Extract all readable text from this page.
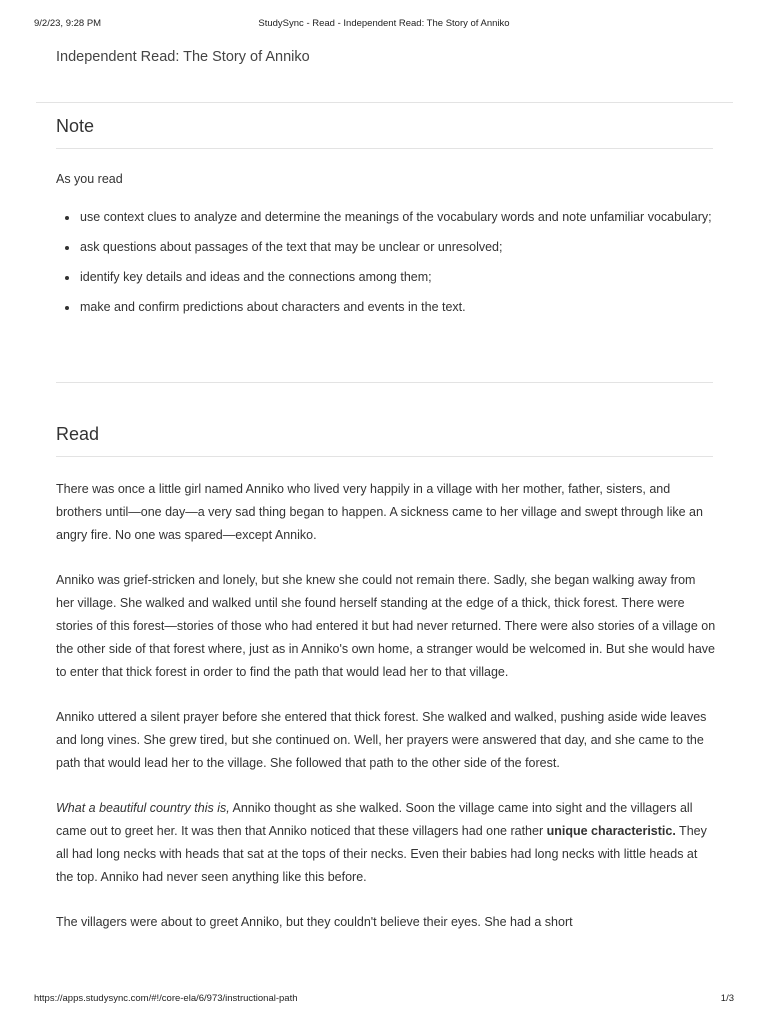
9/2/23, 9:28 PM	StudySync - Read - Independent Read: The Story of Anniko
Independent Read: The Story of Anniko
Note
As you read
use context clues to analyze and determine the meanings of the vocabulary words and note unfamiliar vocabulary;
ask questions about passages of the text that may be unclear or unresolved;
identify key details and ideas and the connections among them;
make and confirm predictions about characters and events in the text.
Read

There was once a little girl named Anniko who lived very happily in a village with her mother, father, sisters, and brothers until—one day—a very sad thing began to happen. A sickness came to her village and swept through like an angry fire. No one was spared—except Anniko.

Anniko was grief-stricken and lonely, but she knew she could not remain there. Sadly, she began walking away from her village. She walked and walked until she found herself standing at the edge of a thick, thick forest. There were stories of this forest—stories of those who had entered it but had never returned. There were also stories of a village on the other side of that forest where, just as in Anniko's own home, a stranger would be welcomed in. But she would have to enter that thick forest in order to find the path that would lead her to that village.

Anniko uttered a silent prayer before she entered that thick forest. She walked and walked, pushing aside wide leaves and long vines. She grew tired, but she continued on. Well, her prayers were answered that day, and she came to the path that would lead her to the village. She followed that path to the other side of the forest.

What a beautiful country this is, Anniko thought as she walked. Soon the village came into sight and the villagers all came out to greet her. It was then that Anniko noticed that these villagers had one rather unique characteristic. They all had long necks with heads that sat at the tops of their necks. Even their babies had long necks with little heads at the top. Anniko had never seen anything like this before.

The villagers were about to greet Anniko, but they couldn't believe their eyes. She had a short

https://apps.studysync.com/#!/core-ela/6/973/instructional-path	1/3
